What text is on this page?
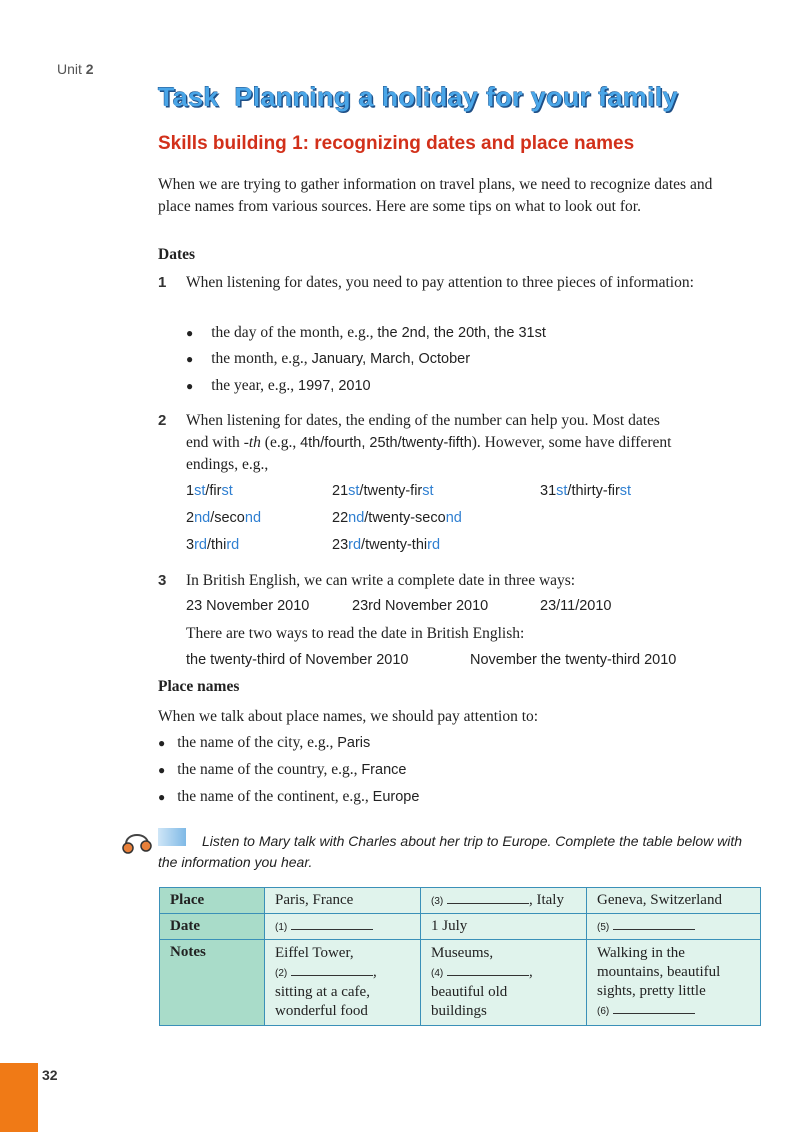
Unit 2
Task  Planning a holiday for your family
Skills building 1: recognizing dates and place names
When we are trying to gather information on travel plans, we need to recognize dates and place names from various sources. Here are some tips on what to look out for.
Dates
1 When listening for dates, you need to pay attention to three pieces of information:
● the day of the month, e.g., the 2nd, the 20th, the 31st
● the month, e.g., January, March, October
● the year, e.g., 1997, 2010
2 When listening for dates, the ending of the number can help you. Most dates end with -th (e.g., 4th/fourth, 25th/twenty-fifth). However, some have different endings, e.g.,
1st/first	21st/twenty-first	31st/thirty-first
2nd/second	22nd/twenty-second
3rd/third	23rd/twenty-third
3 In British English, we can write a complete date in three ways:
23 November 2010	23rd November 2010	23/11/2010
There are two ways to read the date in British English:
the twenty-third of November 2010	November the twenty-third 2010
Place names
When we talk about place names, we should pay attention to:
● the name of the city, e.g., Paris
● the name of the country, e.g., France
● the name of the continent, e.g., Europe
Listen to Mary talk with Charles about her trip to Europe. Complete the table below with the information you hear.
Place	Paris, France	(3) , Italy	Geneva, Switzerland
Date	(1)	1 July	(5)
Notes	Eiffel Tower,
(2) ,
sitting at a cafe,
wonderful food	Museums,
(4) ,
beautiful old
buildings	Walking in the
mountains, beautiful
sights, pretty little
(6)
32
